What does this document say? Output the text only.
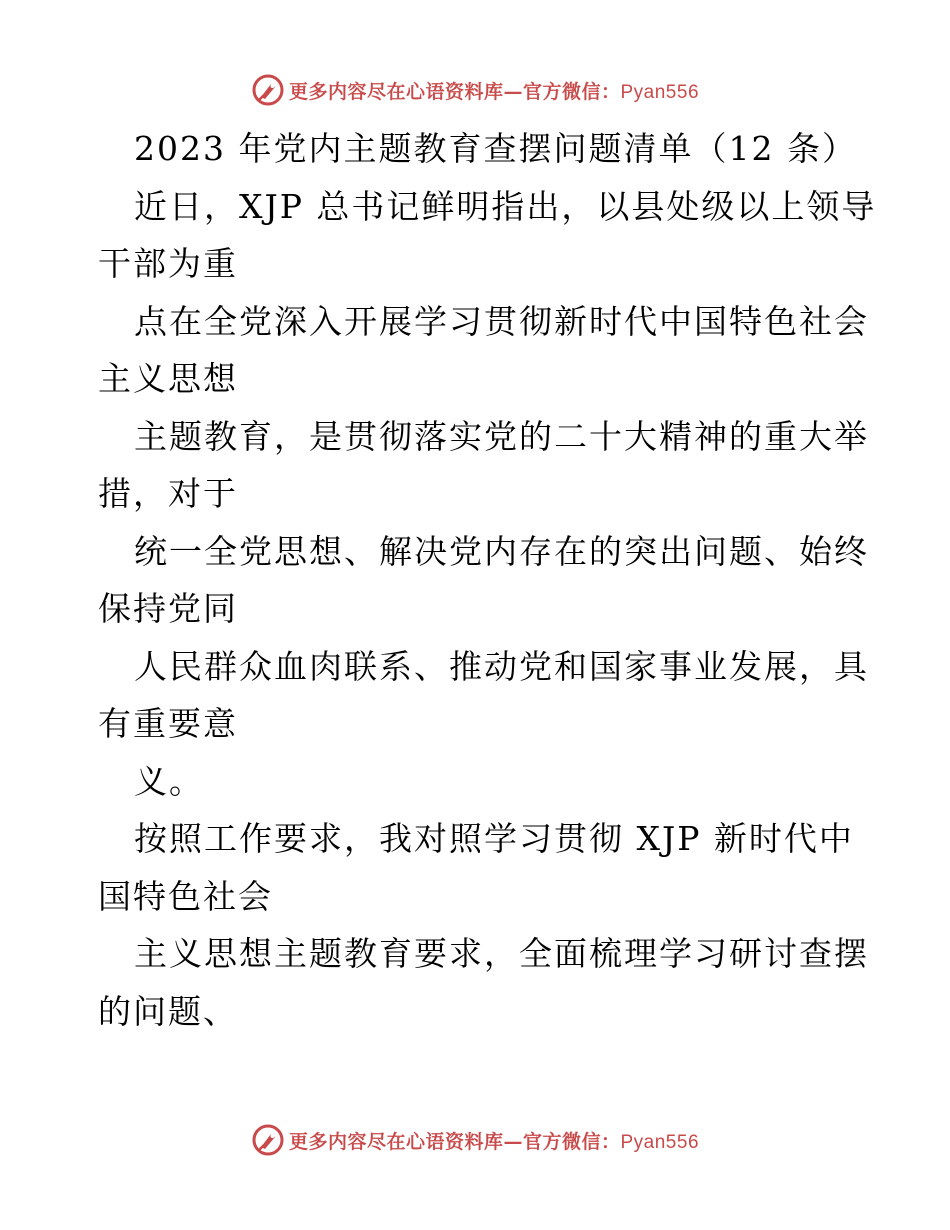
更多内容尽在心语资料库—官方微信：Pyan556
2023 年党内主题教育查摆问题清单（12 条）
近日，XJP 总书记鲜明指出，以县处级以上领导
干部为重
点在全党深入开展学习贯彻新时代中国特色社会
主义思想
主题教育，是贯彻落实党的二十大精神的重大举
措，对于
统一全党思想、解决党内存在的突出问题、始终
保持党同
人民群众血肉联系、推动党和国家事业发展，具
有重要意
义。
按照工作要求，我对照学习贯彻 XJP 新时代中
国特色社会
主义思想主题教育要求，全面梳理学习研讨查摆
的问题、
更多内容尽在心语资料库—官方微信：Pyan556
